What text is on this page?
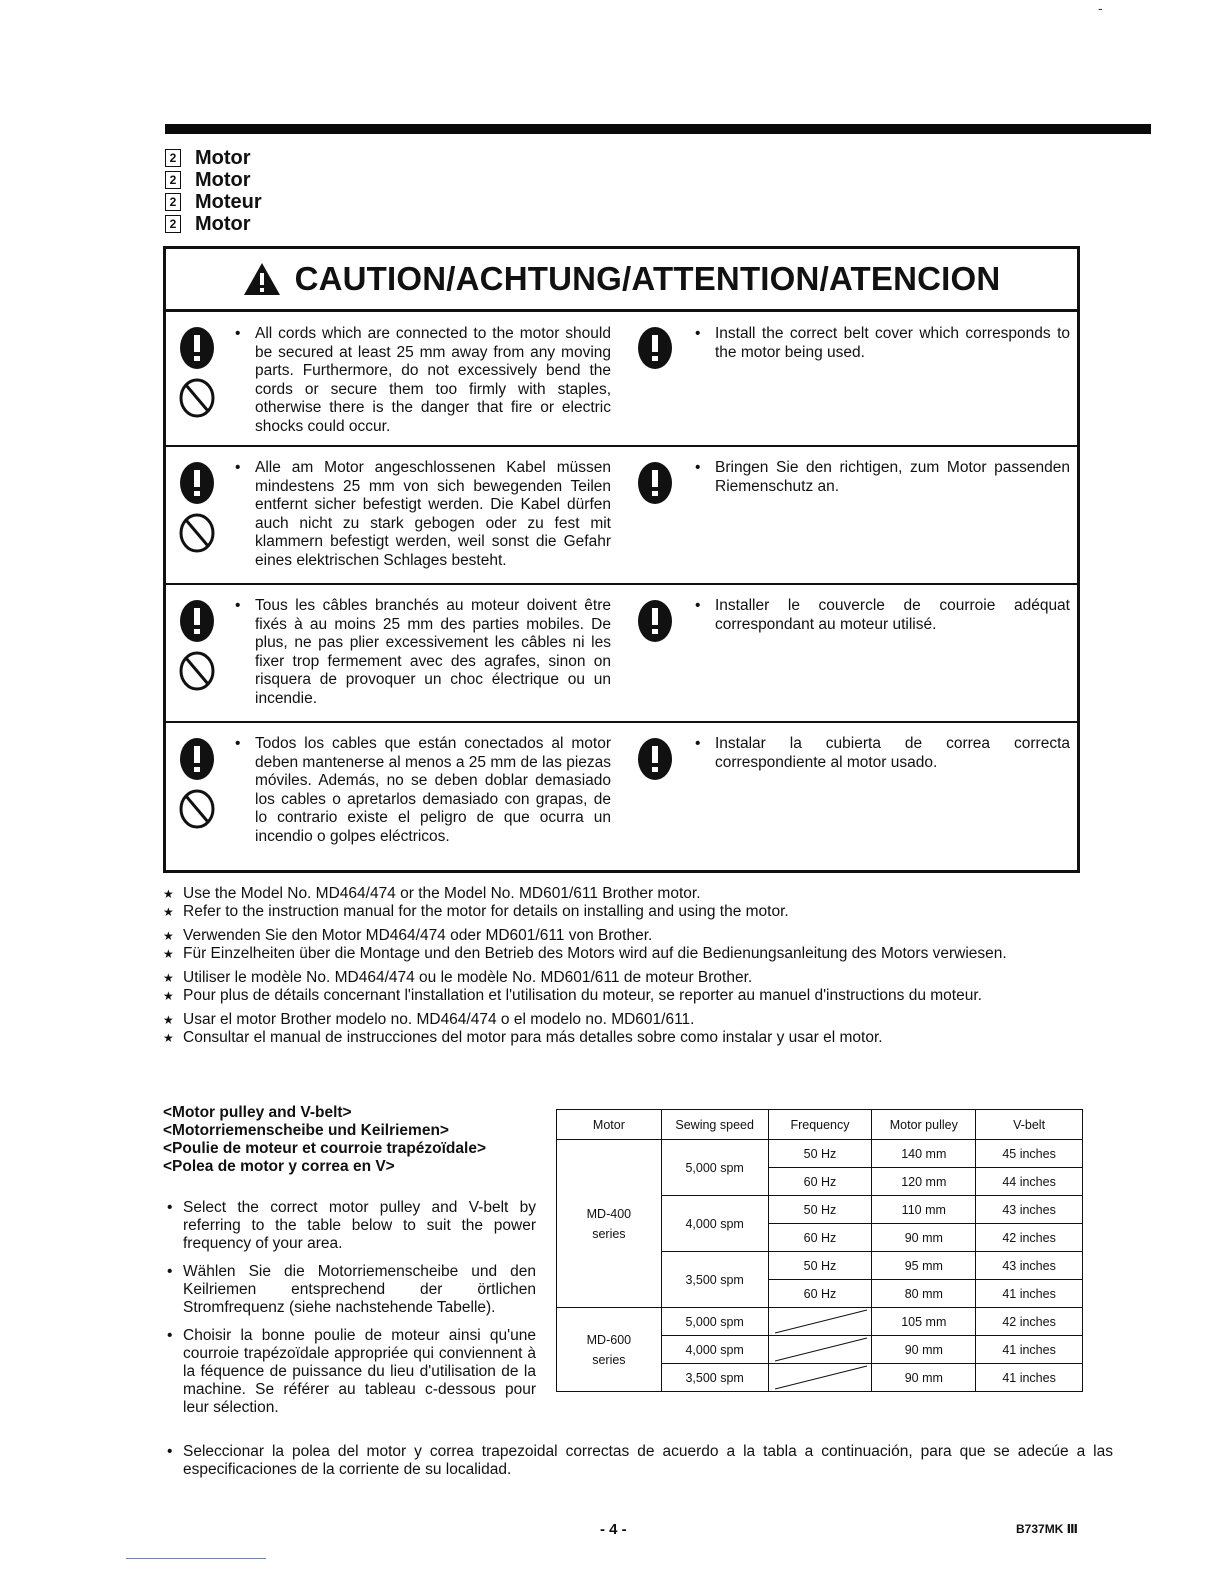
-
2 Motor
2 Motor
2 Moteur
2 Motor
CAUTION/ACHTUNG/ATTENTION/ATENCION
• All cords which are connected to the motor should be secured at least 25 mm away from any moving parts. Furthermore, do not excessively bend the cords or secure them too firmly with staples, otherwise there is the danger that fire or electric shocks could occur.
• Install the correct belt cover which corresponds to the motor being used.
• Alle am Motor angeschlossenen Kabel müssen mindestens 25 mm von sich bewegenden Teilen entfernt sicher befestigt werden. Die Kabel dürfen auch nicht zu stark gebogen oder zu fest mit klammern befestigt werden, weil sonst die Gefahr eines elektrischen Schlages besteht.
• Bringen Sie den richtigen, zum Motor passenden Riemenschutz an.
• Tous les câbles branchés au moteur doivent être fixés à au moins 25 mm des parties mobiles. De plus, ne pas plier excessivement les câbles ni les fixer trop fermement avec des agrafes, sinon on risquera de provoquer un choc électrique ou un incendie.
• Installer le couvercle de courroie adéquat correspondant au moteur utilisé.
• Todos los cables que están conectados al motor deben mantenerse al menos a 25 mm de las piezas móviles. Además, no se deben doblar demasiado los cables o apretarlos demasiado con grapas, de lo contrario existe el peligro de que ocurra un incendio o golpes eléctricos.
• Instalar la cubierta de correa correcta correspondiente al motor usado.
★ Use the Model No. MD464/474 or the Model No. MD601/611 Brother motor.
★ Refer to the instruction manual for the motor for details on installing and using the motor.
★ Verwenden Sie den Motor MD464/474 oder MD601/611 von Brother.
★ Für Einzelheiten über die Montage und den Betrieb des Motors wird auf die Bedienungsanleitung des Motors verwiesen.
★ Utiliser le modèle No. MD464/474 ou le modèle No. MD601/611 de moteur Brother.
★ Pour plus de détails concernant l'installation et l'utilisation du moteur, se reporter au manuel d'instructions du moteur.
★ Usar el motor Brother modelo no. MD464/474 o el modelo no. MD601/611.
★ Consultar el manual de instrucciones del motor para más detalles sobre como instalar y usar el motor.
<Motor pulley and V-belt>
<Motorriemenscheibe und Keilriemen>
<Poulie de moteur et courroie trapézoïdale>
<Polea de motor y correa en V>
• Select the correct motor pulley and V-belt by referring to the table below to suit the power frequency of your area.
• Wählen Sie die Motorriemenscheibe und den Keilriemen entsprechend der örtlichen Stromfrequenz (siehe nachstehende Tabelle).
• Choisir la bonne poulie de moteur ainsi qu'une courroie trapézoïdale appropriée qui conviennent à la féquence de puissance du lieu d'utilisation de la machine. Se référer au tableau c-dessous pour leur sélection.
• Seleccionar la polea del motor y correa trapezoidal correctas de acuerdo a la tabla a continuación, para que se adecúe a las especificaciones de la corriente de su localidad.
Motor	Sewing speed	Frequency	Motor pulley	V-belt

MD-400
series	5,000 spm	50 Hz	140 mm	45 inches
		60 Hz	120 mm	44 inches
	4,000 spm	50 Hz	110 mm	43 inches
		60 Hz	90 mm	42 inches
	3,500 spm	50 Hz	95 mm	43 inches
		60 Hz	80 mm	41 inches

MD-600
series	5,000 spm		105 mm	42 inches
	4,000 spm		90 mm	41 inches
	3,500 spm		90 mm	41 inches
- 4 -	B737MK Ⅲ
